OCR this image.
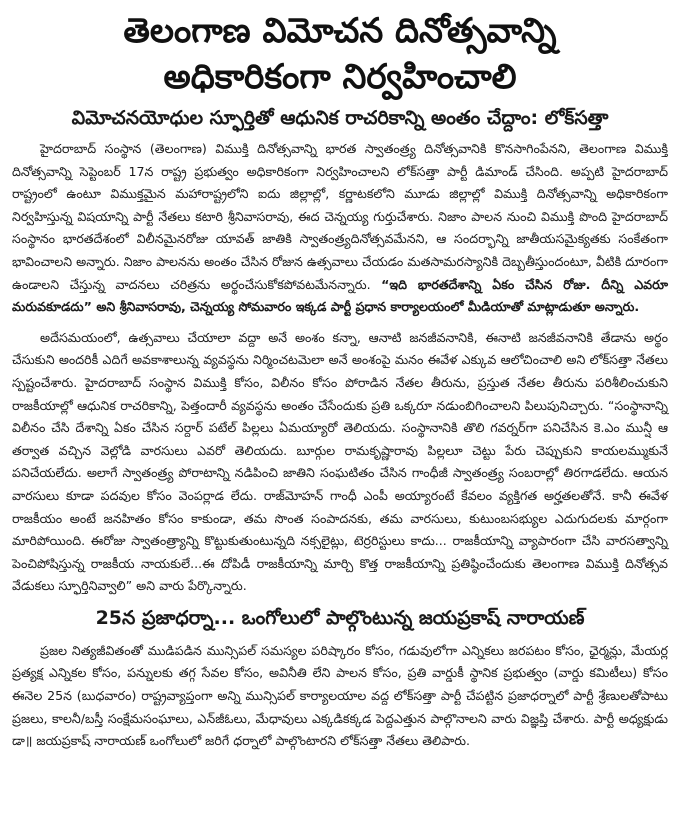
తెలంగాణ విమోచన దినోత్సవాన్ని
అధికారికంగా నిర్వహించాలి
విమోచనయోధుల స్ఫూర్తితో ఆధునిక రాచరికాన్ని అంతం చేద్దాం: లోక్‌సత్తా

హైదరాబాద్ సంస్థాన (తెలంగాణ) విముక్తి దినోత్సవాన్ని భారత స్వాతంత్ర్య దినోత్సవానికి కొనసాగింపేనని, తెలంగాణ విముక్తి దినోత్సవాన్ని సెప్టెంబర్ 17న రాష్ట్ర ప్రభుత్వం అధికారికంగా నిర్వహించాలని లోక్‌సత్తా పార్టీ డిమాండ్ చేసింది. అప్పటి హైదరాబాద్ రాష్ట్రంలో ఉంటూ విముక్తమైన మహారాష్ట్రలోని ఐదు జిల్లాల్లో, కర్ణాటకలోని మూడు జిల్లాల్లో విముక్తి దినోత్సవాన్ని అధికారికంగా నిర్వహిస్తున్న విషయాన్ని పార్టీ నేతలు కటారి శ్రీనివాసరావు, ఈద చెన్నయ్య గుర్తుచేశారు. నిజాం పాలన నుంచి విముక్తి పొంది హైదరాబాద్ సంస్థానం భారతదేశంలో విలీనమైనరోజు యావత్ జాతికి స్వాతంత్ర్యదినోత్సవమేనని, ఆ సందర్భాన్ని జాతీయసమైక్యతకు సంకేతంగా భావించాలని అన్నారు. నిజాం పాలనను అంతం చేసిన రోజున ఉత్సవాలు చేయడం మతసామరస్యానికి దెబ్బతీస్తుందంటూ, వీటికి దూరంగా ఉండాలని చేస్తున్న వాదనలు చరిత్రను అర్థంచేసుకోకపోవటమేనన్నారు. “ఇది భారతదేశాన్ని ఏకం చేసిన రోజు. దీన్ని ఎవరూ మరువకూడదు” అని శ్రీనివాసరావు, చెన్నయ్య సోమవారం ఇక్కడ పార్టీ ప్రధాన కార్యాలయంలో మీడియాతో మాట్లాడుతూ అన్నారు.

అదేసమయంలో, ఉత్సవాలు చేయాలా వద్దా అనే అంశం కన్నా, ఆనాటి జనజీవనానికి, ఈనాటి జనజీవనానికి తేడాను అర్థం చేసుకుని అందరికీ ఎదిగే అవకాశాలున్న వ్యవస్థను నిర్మించటమెలా అనే అంశంపై మనం ఈవేళ ఎక్కువ ఆలోచించాలి అని లోక్‌సత్తా నేతలు స్పష్టంచేశారు. హైదరాబాద్ సంస్థాన విముక్తి కోసం, విలీనం కోసం పోరాడిన నేతల తీరును, ప్రస్తుత నేతల తీరును పరిశీలించుకుని రాజకీయాల్లో ఆధునిక రాచరికాన్ని, పెత్తందారీ వ్యవస్థను అంతం చేసేందుకు ప్రతి ఒక్కరూ నడుంబిగించాలని పిలుపునిచ్చారు. “సంస్థానాన్ని విలీనం చేసి దేశాన్ని ఏకం చేసిన సర్దార్ పటేల్ పిల్లలు ఏమయ్యారో తెలియదు. సంస్థానానికి తొలి గవర్నర్‌గా పనిచేసిన కె.ఎం మున్షీ ఆ తర్వాత వచ్చిన వెల్లోడి వారసులు ఎవరో తెలియదు. బూర్గుల రామకృష్ణారావు పిల్లలూ చెట్టు పేరు చెప్పుకుని కాయలమ్ముకునే పనిచేయలేదు. అలాగే స్వాతంత్ర్య పోరాటాన్ని నడిపించి జాతిని సంఘటితం చేసిన గాంధీజీ స్వాతంత్ర్య సంబరాల్లో తిరగాడలేదు. ఆయన వారసులు కూడా పదవుల కోసం వెంపర్లాడ లేదు. రాజ్‌మోహన్ గాంధీ ఎంపీ అయ్యారంటే కేవలం వ్యక్తిగత అర్హతలతోనే. కానీ ఈవేళ రాజకీయం అంటే జనహితం కోసం కాకుండా, తమ సొంత సంపాదనకు, తమ వారసులు, కుటుంబసభ్యుల ఎదుగుదలకు మార్గంగా మారిపోయింది. ఈరోజు స్వాతంత్ర్యాన్ని కొట్టుకుతుంటున్నది నక్సలైట్లు, టెర్రరిస్టులు కాదు... రాజకీయాన్ని వ్యాపారంగా చేసి వారసత్వాన్ని పెంచిపోషిస్తున్న రాజకీయ నాయకులే...ఈ దోపిడీ రాజకీయాన్ని మార్చి కొత్త రాజకీయాన్ని ప్రతిష్ఠించేందుకు తెలంగాణ విముక్తి దినోత్సవ వేడుకలు స్ఫూర్తినివ్వాలి” అని వారు పేర్కొన్నారు.

25న ప్రజాధర్నా... ఒంగోలులో పాల్గొంటున్న జయప్రకాష్ నారాయణ్

ప్రజల నిత్యజీవితంతో ముడిపడిన మున్సిపల్ సమస్యల పరిష్కారం కోసం, గడువులోగా ఎన్నికలు జరపటం కోసం, ఛైర్మన్లు, మేయర్ల ప్రత్యక్ష ఎన్నికల కోసం, పన్నులకు తగ్గ సేవల కోసం, అవినీతి లేని పాలన కోసం, ప్రతి వార్డుకీ స్థానిక ప్రభుత్వం (వార్డు కమిటీలు) కోసం ఈనెల 25న (బుధవారం) రాష్ట్రవ్యాప్తంగా అన్ని మున్సిపల్ కార్యాలయాల వద్ద లోక్‌సత్తా పార్టీ చేపట్టిన ప్రజాధర్నాలో పార్టీ శ్రేణులతోపాటు ప్రజలు, కాలనీ/బస్తీ సంక్షేమసంఘాలు, ఎన్‌జీఓలు, మేధావులు ఎక్కడికక్కడ పెద్దఎత్తున పాల్గొనాలని వారు విజ్ఞప్తి చేశారు. పార్టీ అధ్యక్షుడు డా॥ జయప్రకాష్ నారాయణ్ ఒంగోలులో జరిగే ధర్నాలో పాల్గొంటారని లోక్‌సత్తా నేతలు తెలిపారు.
